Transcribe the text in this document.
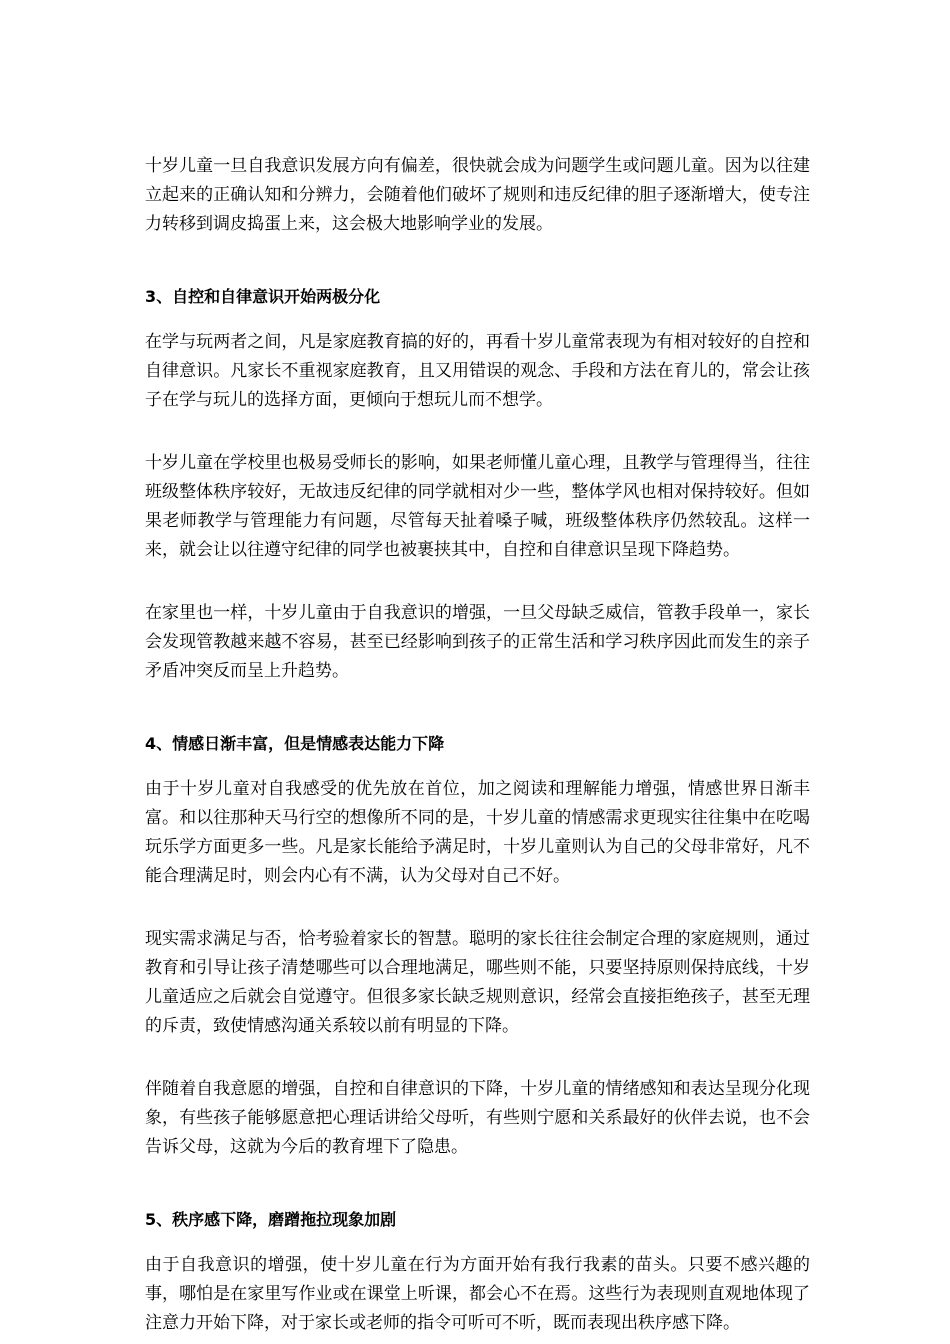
十岁儿童一旦自我意识发展方向有偏差，很快就会成为问题学生或问题儿童。因为以往建立起来的正确认知和分辨力，会随着他们破坏了规则和违反纪律的胆子逐渐增大，使专注力转移到调皮捣蛋上来，这会极大地影响学业的发展。

3、自控和自律意识开始两极分化

在学与玩两者之间，凡是家庭教育搞的好的，再看十岁儿童常表现为有相对较好的自控和自律意识。凡家长不重视家庭教育，且又用错误的观念、手段和方法在育儿的，常会让孩子在学与玩儿的选择方面，更倾向于想玩儿而不想学。

十岁儿童在学校里也极易受师长的影响，如果老师懂儿童心理，且教学与管理得当，往往班级整体秩序较好，无故违反纪律的同学就相对少一些，整体学风也相对保持较好。但如果老师教学与管理能力有问题，尽管每天扯着嗓子喊，班级整体秩序仍然较乱。这样一来，就会让以往遵守纪律的同学也被裹挟其中，自控和自律意识呈现下降趋势。

在家里也一样，十岁儿童由于自我意识的增强，一旦父母缺乏威信，管教手段单一，家长会发现管教越来越不容易，甚至已经影响到孩子的正常生活和学习秩序因此而发生的亲子矛盾冲突反而呈上升趋势。

4、情感日渐丰富，但是情感表达能力下降

由于十岁儿童对自我感受的优先放在首位，加之阅读和理解能力增强，情感世界日渐丰富。和以往那种天马行空的想像所不同的是，十岁儿童的情感需求更现实往往集中在吃喝玩乐学方面更多一些。凡是家长能给予满足时，十岁儿童则认为自己的父母非常好，凡不能合理满足时，则会内心有不满，认为父母对自己不好。

现实需求满足与否，恰考验着家长的智慧。聪明的家长往往会制定合理的家庭规则，通过教育和引导让孩子清楚哪些可以合理地满足，哪些则不能，只要坚持原则保持底线，十岁儿童适应之后就会自觉遵守。但很多家长缺乏规则意识，经常会直接拒绝孩子，甚至无理的斥责，致使情感沟通关系较以前有明显的下降。

伴随着自我意愿的增强，自控和自律意识的下降，十岁儿童的情绪感知和表达呈现分化现象，有些孩子能够愿意把心理话讲给父母听，有些则宁愿和关系最好的伙伴去说，也不会告诉父母，这就为今后的教育埋下了隐患。

5、秩序感下降，磨蹭拖拉现象加剧

由于自我意识的增强，使十岁儿童在行为方面开始有我行我素的苗头。只要不感兴趣的事，哪怕是在家里写作业或在课堂上听课，都会心不在焉。这些行为表现则直观地体现了注意力开始下降，对于家长或老师的指令可听可不听，既而表现出秩序感下降。
